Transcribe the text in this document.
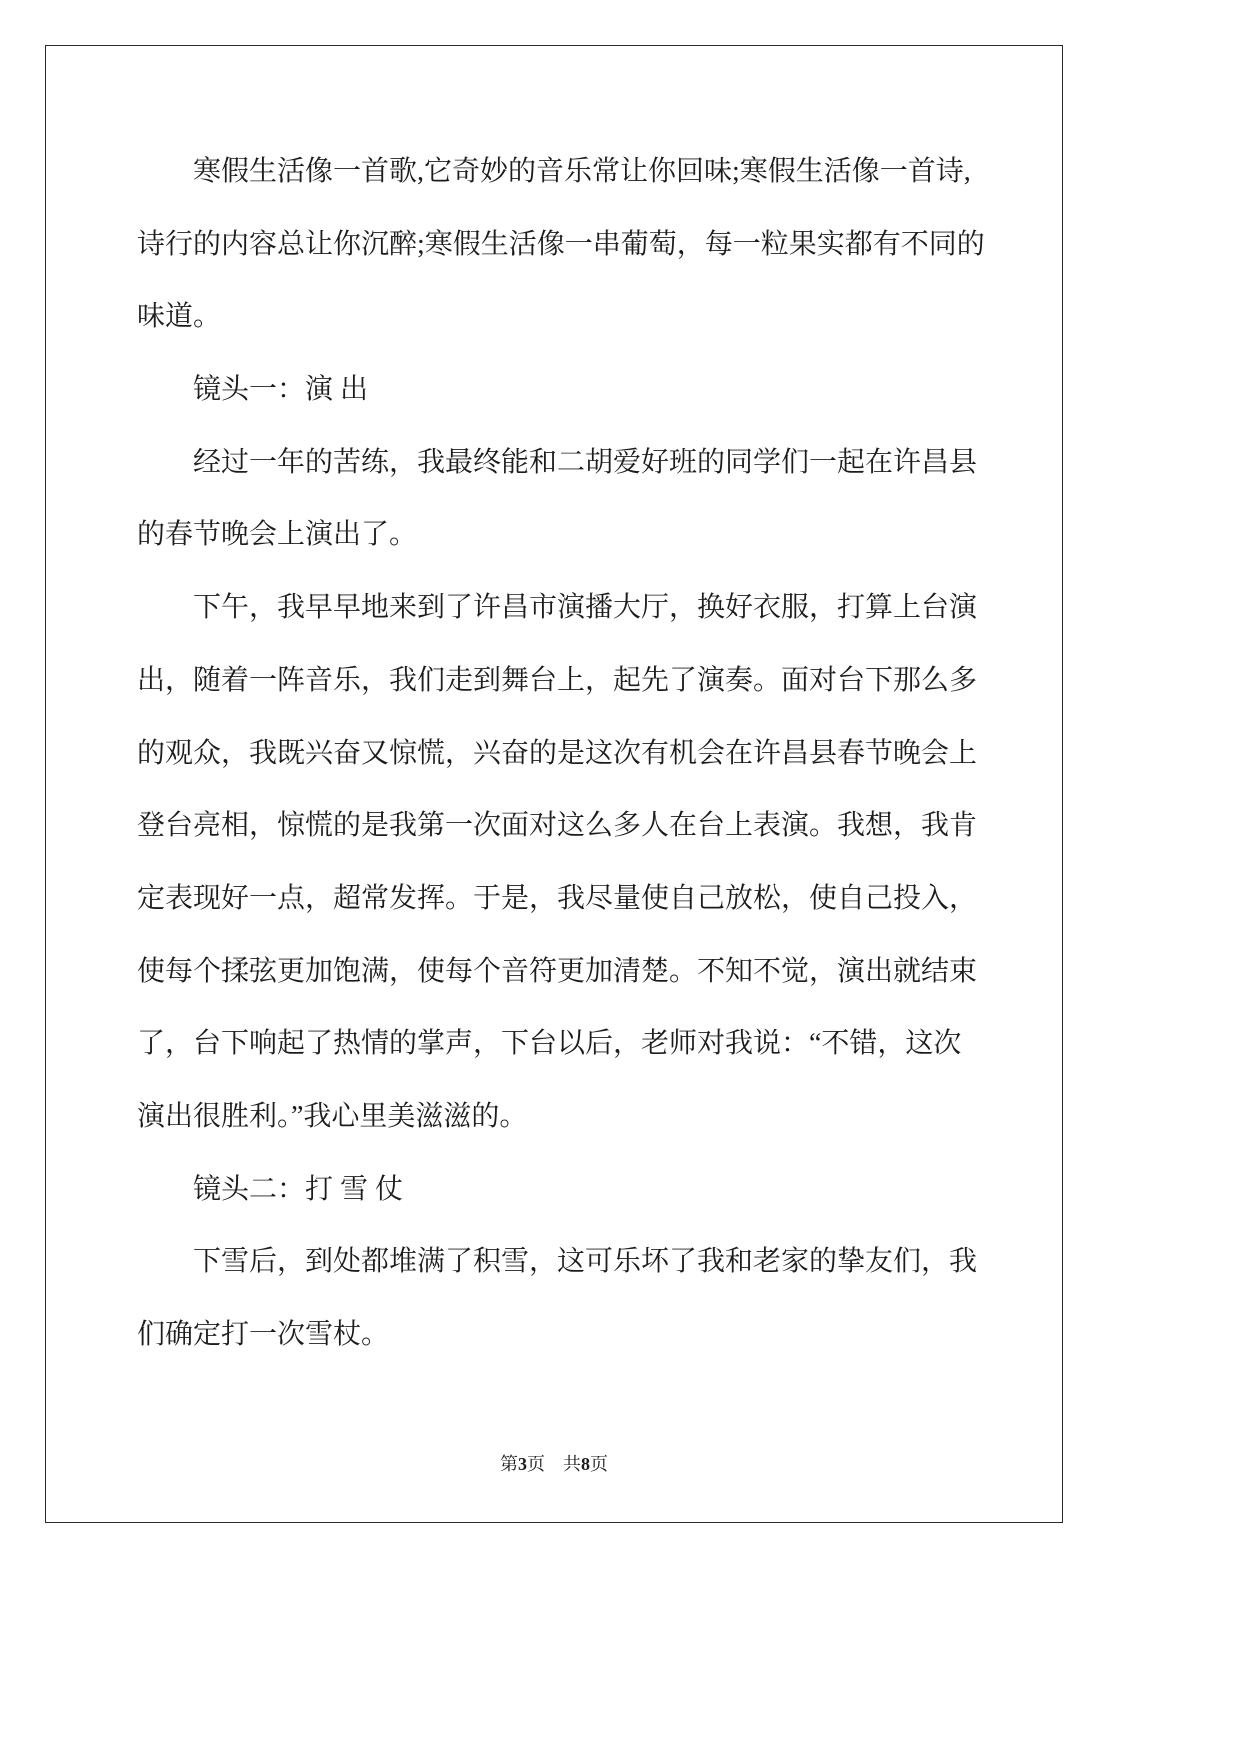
寒假生活像一首歌,它奇妙的音乐常让你回味;寒假生活像一首诗,
诗行的内容总让你沉醉;寒假生活像一串葡萄，每一粒果实都有不同的
味道。
镜头一：演 出
经过一年的苦练，我最终能和二胡爱好班的同学们一起在许昌县
的春节晚会上演出了。
下午，我早早地来到了许昌市演播大厅，换好衣服，打算上台演
出，随着一阵音乐，我们走到舞台上，起先了演奏。面对台下那么多
的观众，我既兴奋又惊慌，兴奋的是这次有机会在许昌县春节晚会上
登台亮相，惊慌的是我第一次面对这么多人在台上表演。我想，我肯
定表现好一点，超常发挥。于是，我尽量使自己放松，使自己投入，
使每个揉弦更加饱满，使每个音符更加清楚。不知不觉，演出就结束
了，台下响起了热情的掌声，下台以后，老师对我说：“不错，这次
演出很胜利。”我心里美滋滋的。
镜头二：打 雪 仗
下雪后，到处都堆满了积雪，这可乐坏了我和老家的挚友们，我
们确定打一次雪杖。
第3页 共8页
